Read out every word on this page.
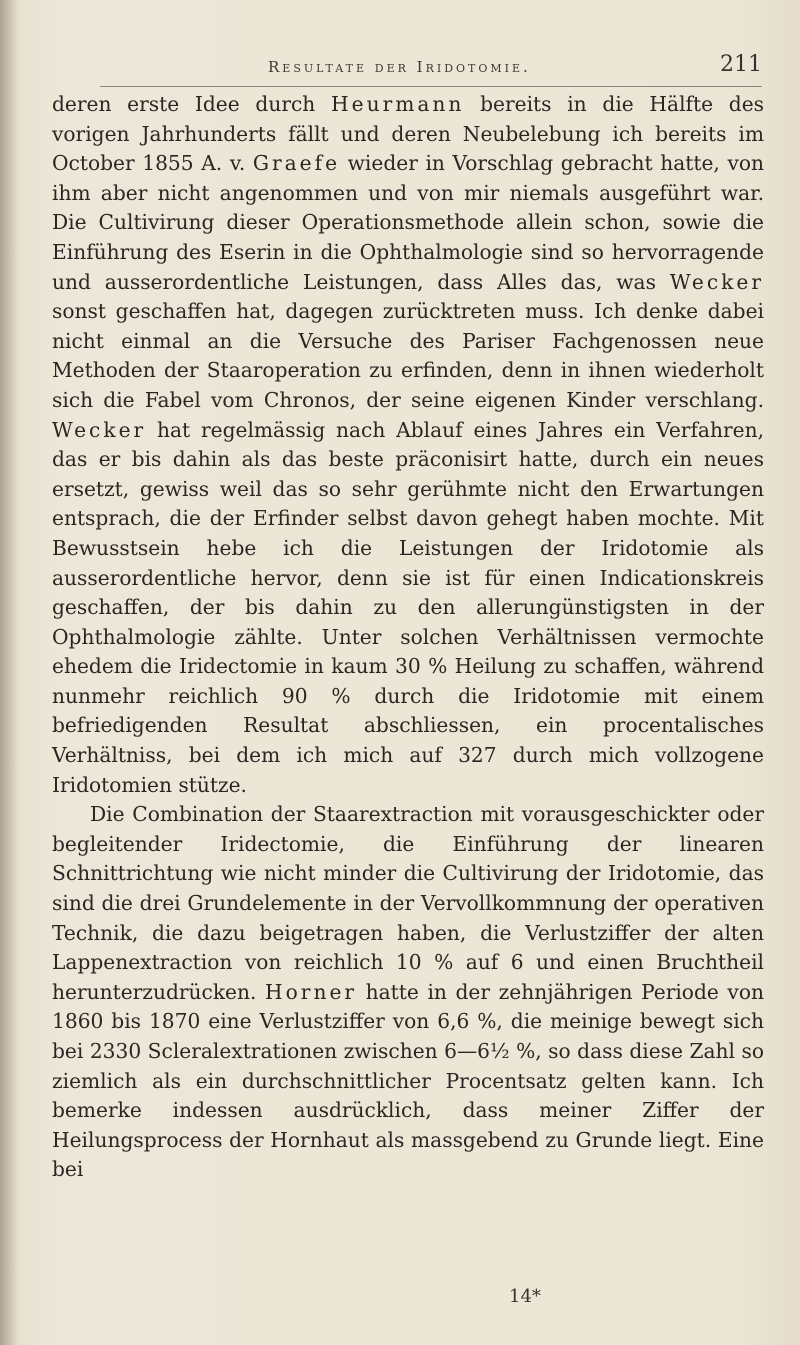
Resultate der Iridotomie.	211

deren erste Idee durch Heurmann bereits in die Hälfte des vorigen Jahrhunderts fällt und deren Neubelebung ich bereits im October 1855 A. v. Graefe wieder in Vorschlag gebracht hatte, von ihm aber nicht angenommen und von mir niemals ausgeführt war. Die Cultivirung dieser Operationsmethode allein schon, sowie die Einführung des Eserin in die Ophthalmologie sind so hervorragende und ausserordentliche Leistungen, dass Alles das, was Wecker sonst geschaffen hat, dagegen zurücktreten muss. Ich denke dabei nicht einmal an die Versuche des Pariser Fachgenossen neue Methoden der Staaroperation zu erfinden, denn in ihnen wiederholt sich die Fabel vom Chronos, der seine eigenen Kinder verschlang. Wecker hat regelmässig nach Ablauf eines Jahres ein Verfahren, das er bis dahin als das beste präconisirt hatte, durch ein neues ersetzt, gewiss weil das so sehr gerühmte nicht den Erwartungen entsprach, die der Erfinder selbst davon gehegt haben mochte. Mit Bewusstsein hebe ich die Leistungen der Iridotomie als ausserordentliche hervor, denn sie ist für einen Indicationskreis geschaffen, der bis dahin zu den allerungünstigsten in der Ophthalmologie zählte. Unter solchen Verhältnissen vermochte ehedem die Iridectomie in kaum 30 % Heilung zu schaffen, während nunmehr reichlich 90 % durch die Iridotomie mit einem befriedigenden Resultat abschliessen, ein procentalisches Verhältniss, bei dem ich mich auf 327 durch mich vollzogene Iridotomien stütze.

Die Combination der Staarextraction mit vorausgeschickter oder begleitender Iridectomie, die Einführung der linearen Schnittrichtung wie nicht minder die Cultivirung der Iridotomie, das sind die drei Grundelemente in der Vervollkommnung der operativen Technik, die dazu beigetragen haben, die Verlustziffer der alten Lappenextraction von reichlich 10 % auf 6 und einen Bruchtheil herunterzudrücken. Horner hatte in der zehnjährigen Periode von 1860 bis 1870 eine Verlustziffer von 6,6 %, die meinige bewegt sich bei 2330 Scleralextrationen zwischen 6—6½ %, so dass diese Zahl so ziemlich als ein durchschnittlicher Procentsatz gelten kann. Ich bemerke indessen ausdrücklich, dass meiner Ziffer der Heilungsprocess der Hornhaut als massgebend zu Grunde liegt. Eine bei

14*
